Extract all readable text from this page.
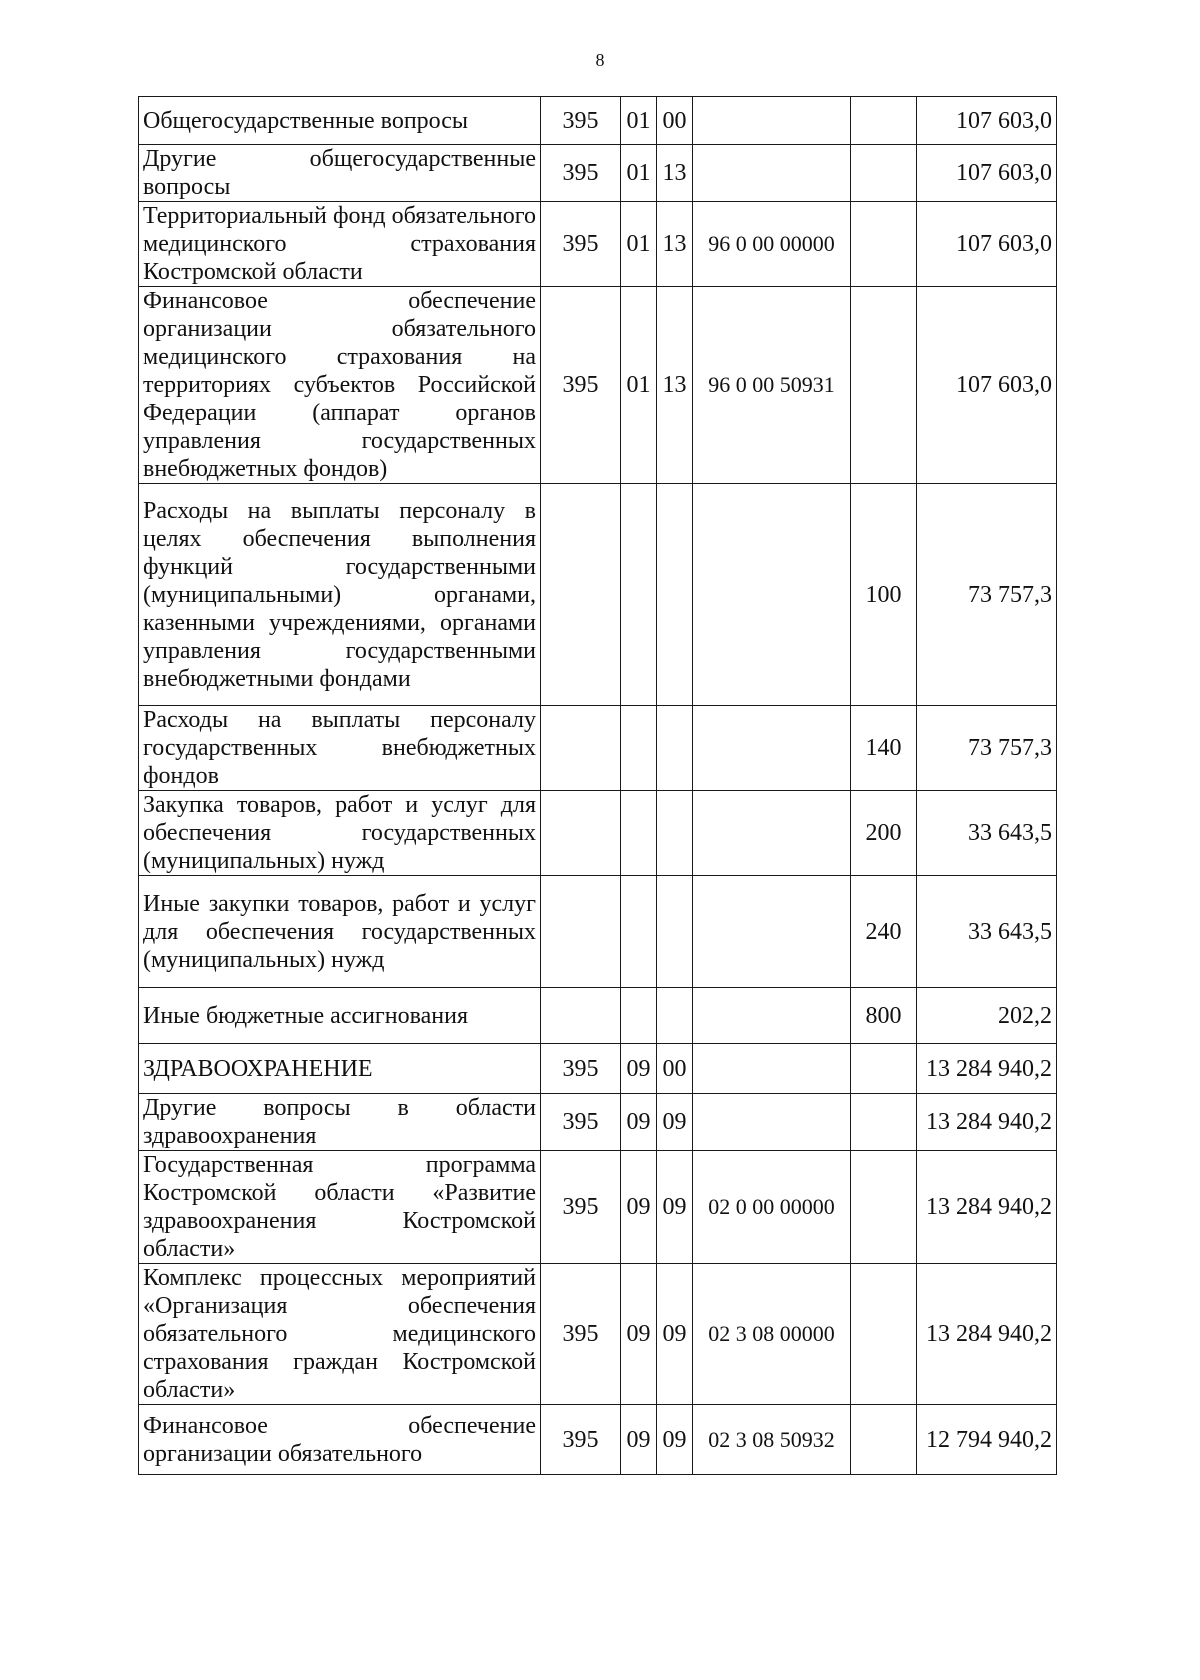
8
Общегосударственные вопросы	395	01	00			107 603,0
Другие общегосударственные вопросы	395	01	13			107 603,0
Территориальный фонд обязательного медицинского страхования Костромской области	395	01	13	96 0 00 00000		107 603,0
Финансовое обеспечение организации обязательного медицинского страхования на территориях субъектов Российской Федерации (аппарат органов управления государственных внебюджетных фондов)	395	01	13	96 0 00 50931		107 603,0
Расходы на выплаты персоналу в целях обеспечения выполнения функций государственными (муниципальными) органами, казенными учреждениями, органами управления государственными внебюджетными фондами					100	73 757,3
Расходы на выплаты персоналу государственных внебюджетных фондов					140	73 757,3
Закупка товаров, работ и услуг для обеспечения государственных (муниципальных) нужд					200	33 643,5
Иные закупки товаров, работ и услуг для обеспечения государственных (муниципальных) нужд					240	33 643,5
Иные бюджетные ассигнования					800	202,2
ЗДРАВООХРАНЕНИЕ	395	09	00			13 284 940,2
Другие вопросы в области здравоохранения	395	09	09			13 284 940,2
Государственная программа Костромской области «Развитие здравоохранения Костромской области»	395	09	09	02 0 00 00000		13 284 940,2
Комплекс процессных мероприятий «Организация обеспечения обязательного медицинского страхования граждан Костромской области»	395	09	09	02 3 08 00000		13 284 940,2
Финансовое обеспечение организации обязательного	395	09	09	02 3 08 50932		12 794 940,2
